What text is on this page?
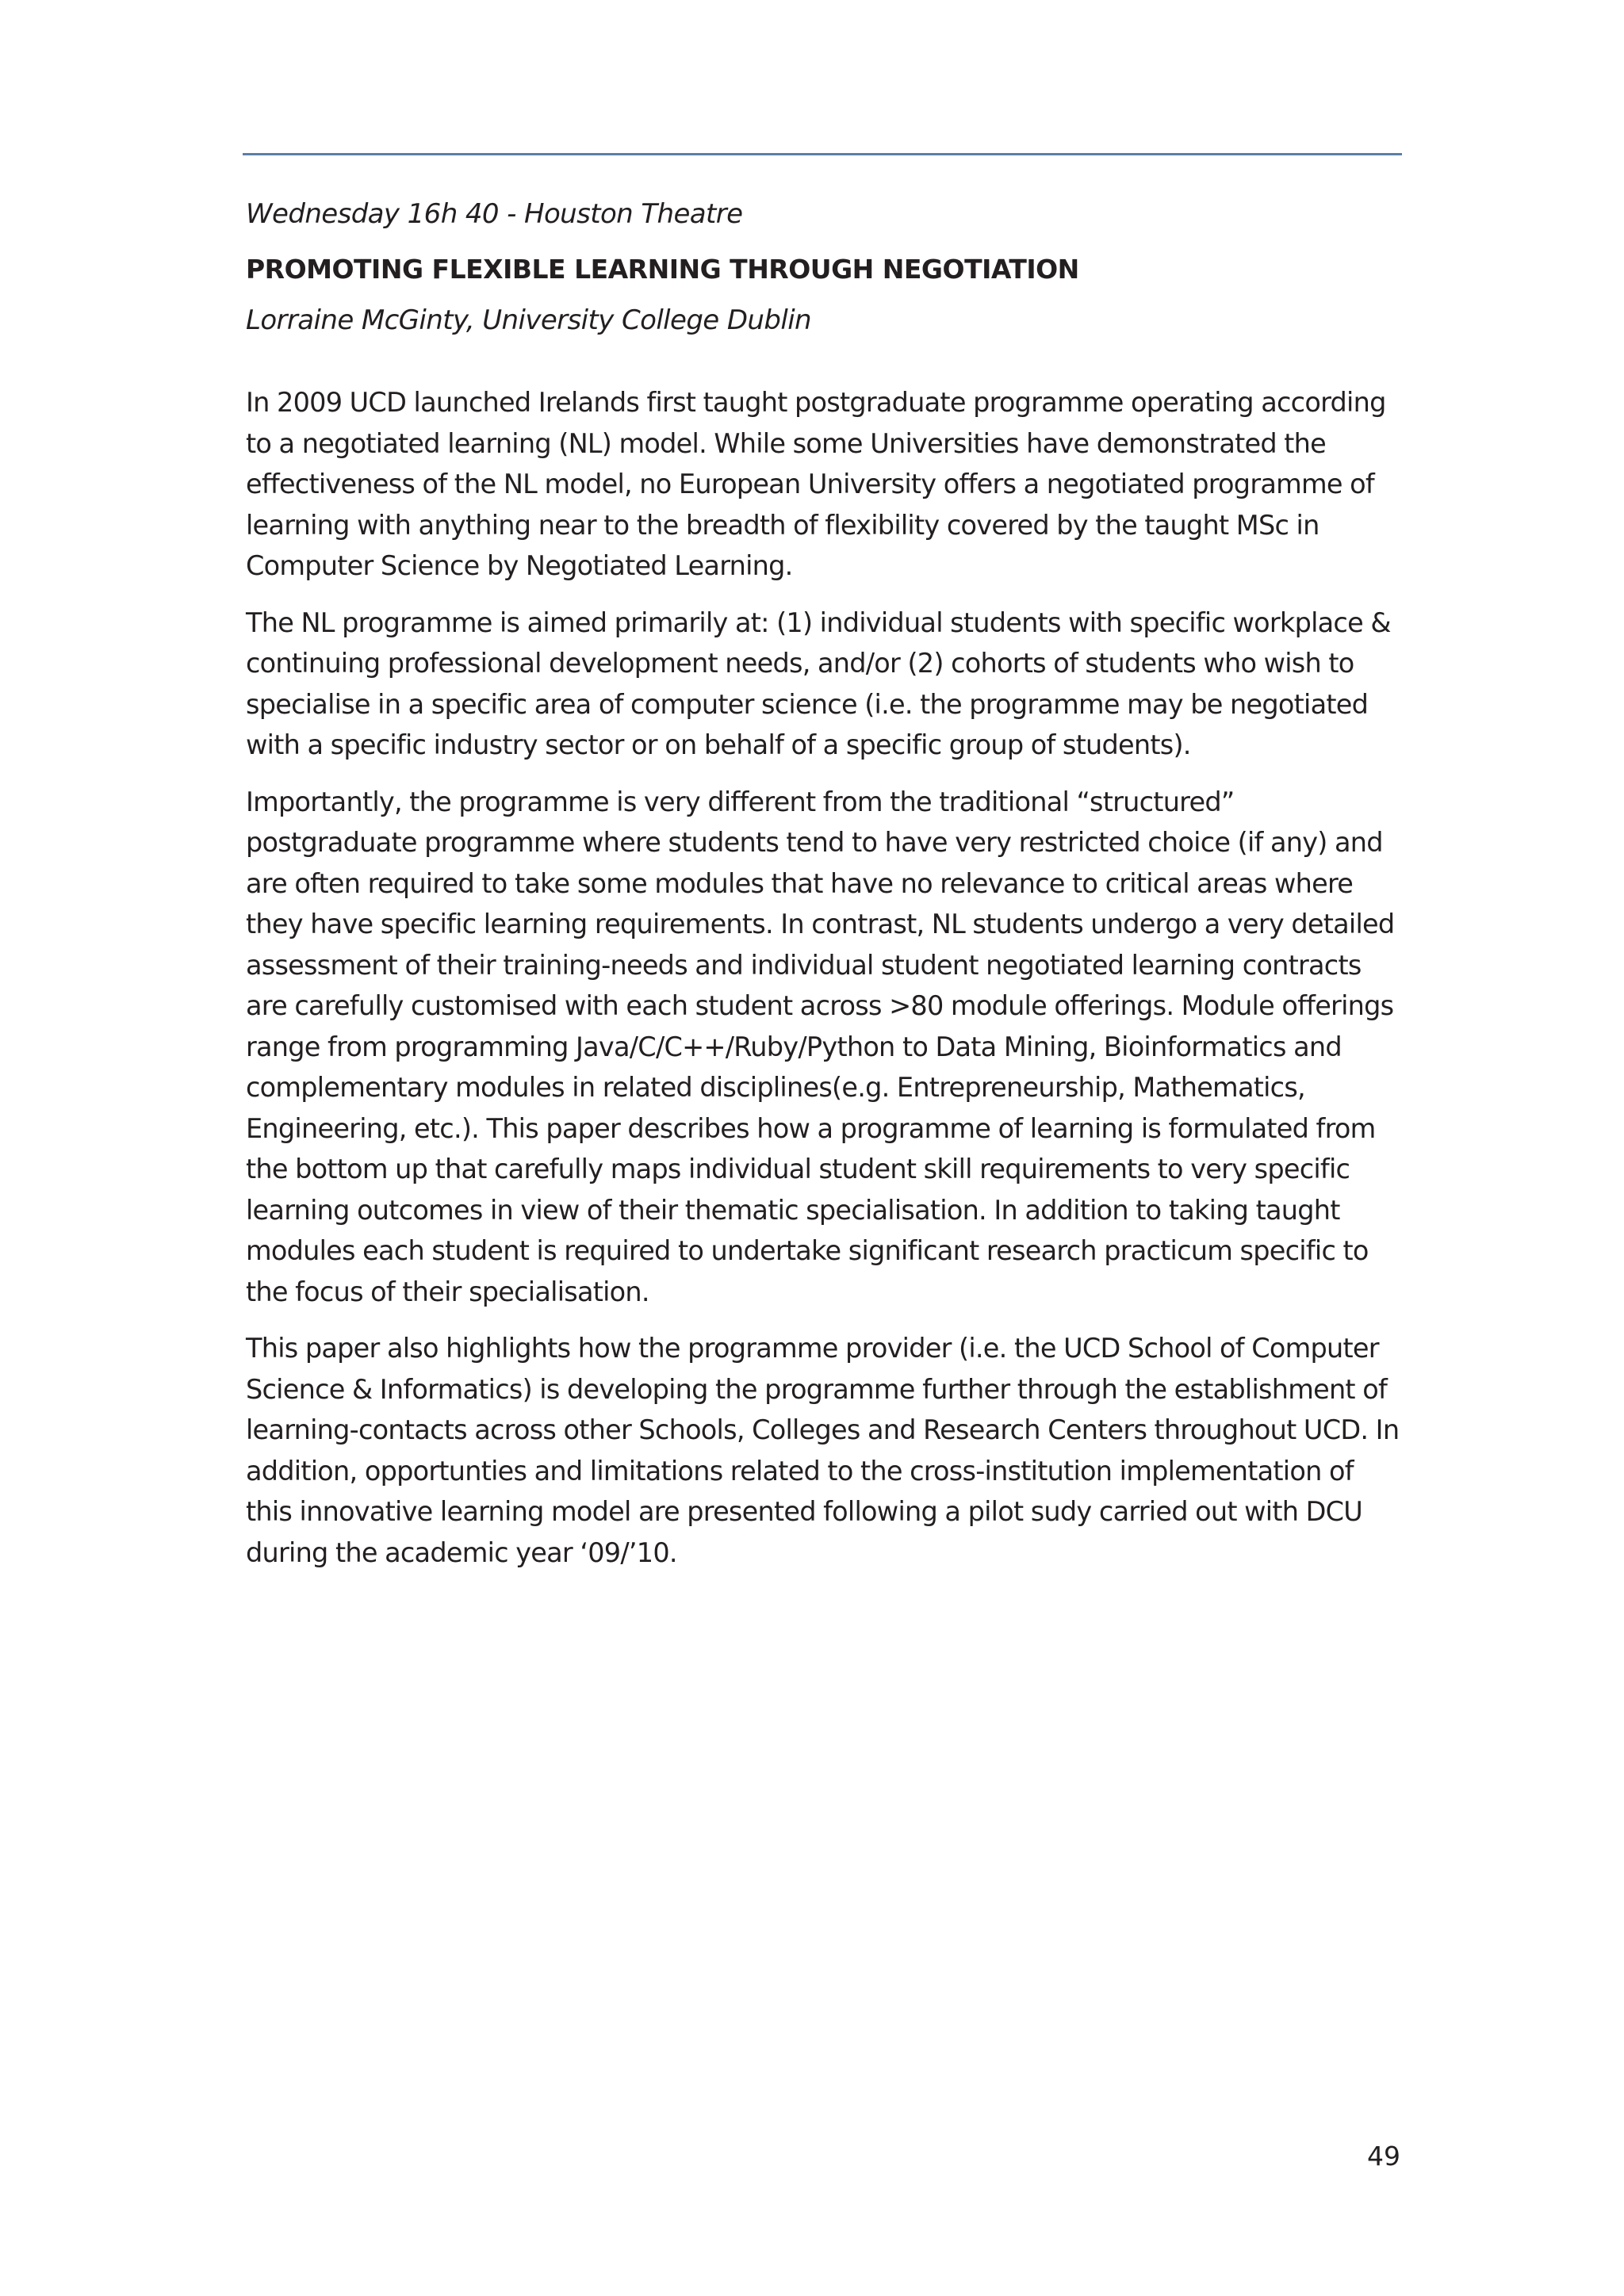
Wednesday 16h 40 - Houston Theatre

PROMOTING FLEXIBLE LEARNING THROUGH NEGOTIATION

Lorraine McGinty, University College Dublin

In 2009 UCD launched Irelands first taught postgraduate programme operating according to a negotiated learning (NL) model. While some Universities have demonstrated the effectiveness of the NL model, no European University offers a negotiated programme of learning with anything near to the breadth of flexibility covered by the taught MSc in Computer Science by Negotiated Learning.

The NL programme is aimed primarily at: (1) individual students with specific workplace & continuing professional development needs, and/or (2) cohorts of students who wish to specialise in a specific area of computer science (i.e. the programme may be negotiated with a specific industry sector or on behalf of a specific group of students).

Importantly, the programme is very different from the traditional “structured” postgraduate programme where students tend to have very restricted choice (if any) and are often required to take some modules that have no relevance to critical areas where they have specific learning requirements. In contrast, NL students undergo a very detailed assessment of their training-needs and individual student negotiated learning contracts are carefully customised with each student across >80 module offerings. Module offerings range from programming Java/C/C++/Ruby/Python to Data Mining, Bioinformatics and complementary modules in related disciplines(e.g. Entrepreneurship, Mathematics, Engineering, etc.). This paper describes how a programme of learning is formulated from the bottom up that carefully maps individual student skill requirements to very specific learning outcomes in view of their thematic specialisation. In addition to taking taught modules each student is required to undertake significant research practicum specific to the focus of their specialisation.

This paper also highlights how the programme provider (i.e. the UCD School of Computer Science & Informatics) is developing the programme further through the establishment of learning-contacts across other Schools, Colleges and Research Centers throughout UCD. In addition, opportunties and limitations related to the cross-institution implementation of this innovative learning model are presented following a pilot sudy carried out with DCU during the academic year ‘09/’10.

49
